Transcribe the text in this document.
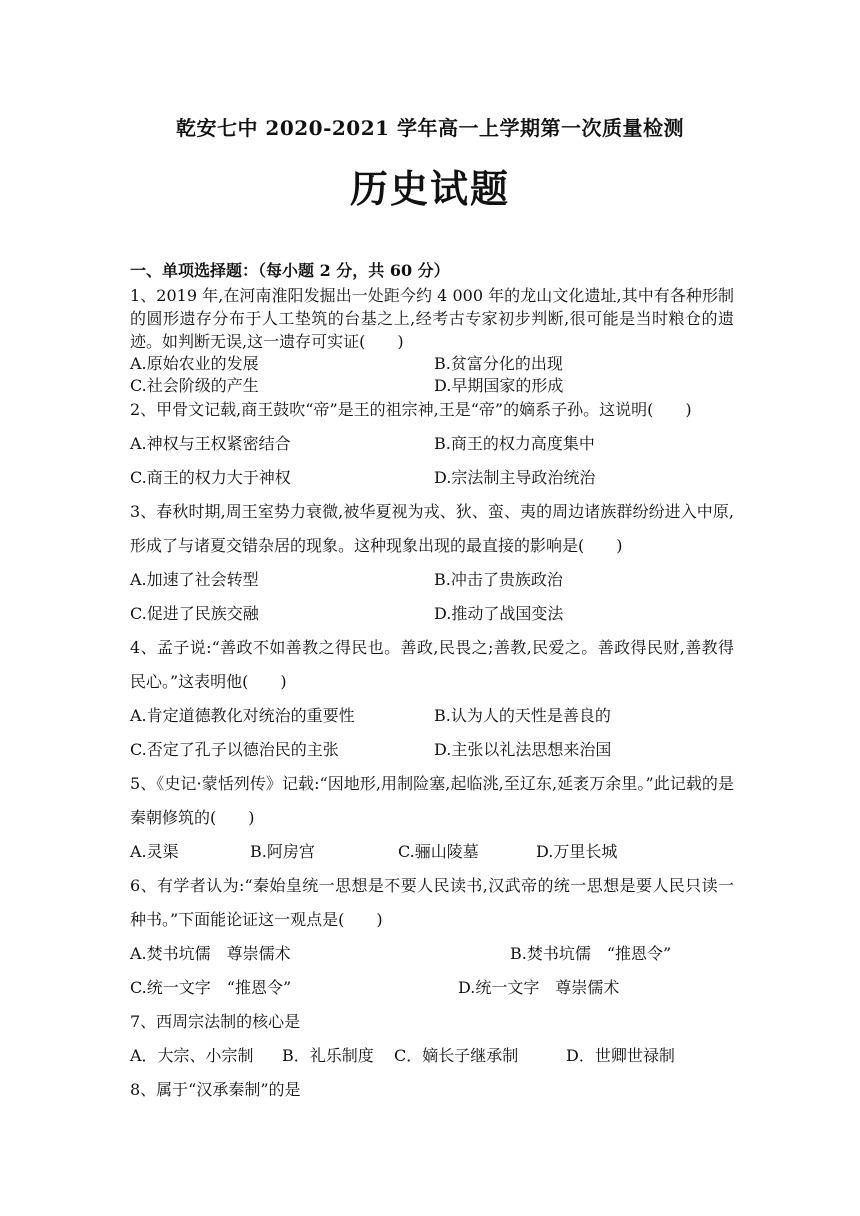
乾安七中 2020-2021 学年高一上学期第一次质量检测
历史试题
一、单项选择题：（每小题 2 分，共 60 分）

1、2019 年,在河南淮阳发掘出一处距今约 4 000 年的龙山文化遗址,其中有各种形制的圆形遗存分布于人工垫筑的台基之上,经考古专家初步判断,很可能是当时粮仓的遗迹。如判断无误,这一遗存可实证(　　)

A.原始农业的发展	B.贫富分化的出现
C.社会阶级的产生	D.早期国家的形成

2、甲骨文记载,商王鼓吹“帝”是王的祖宗神,王是“帝”的嫡系子孙。这说明(　　)

A.神权与王权紧密结合	B.商王的权力高度集中
C.商王的权力大于神权	D.宗法制主导政治统治

3、春秋时期,周王室势力衰微,被华夏视为戎、狄、蛮、夷的周边诸族群纷纷进入中原,形成了与诸夏交错杂居的现象。这种现象出现的最直接的影响是(　　)

A.加速了社会转型	B.冲击了贵族政治
C.促进了民族交融	D.推动了战国变法

4、孟子说:“善政不如善教之得民也。善政,民畏之;善教,民爱之。善政得民财,善教得民心。”这表明他(　　)

A.肯定道德教化对统治的重要性	B.认为人的天性是善良的
C.否定了孔子以德治民的主张	D.主张以礼法思想来治国

5、《史记·蒙恬列传》记载:“因地形,用制险塞,起临洮,至辽东,延袤万余里。”此记载的是秦朝修筑的(　　)

A.灵渠	B.阿房宫	C.骊山陵墓	D.万里长城

6、有学者认为:“秦始皇统一思想是不要人民读书,汉武帝的统一思想是要人民只读一种书。”下面能论证这一观点是(　　)

A.焚书坑儒　尊崇儒术	B.焚书坑儒　“推恩令”
C.统一文字　“推恩令”	D.统一文字　尊崇儒术

7、西周宗法制的核心是

A．大宗、小宗制	B．礼乐制度	C．嫡长子继承制	D．世卿世禄制

8、属于“汉承秦制”的是
